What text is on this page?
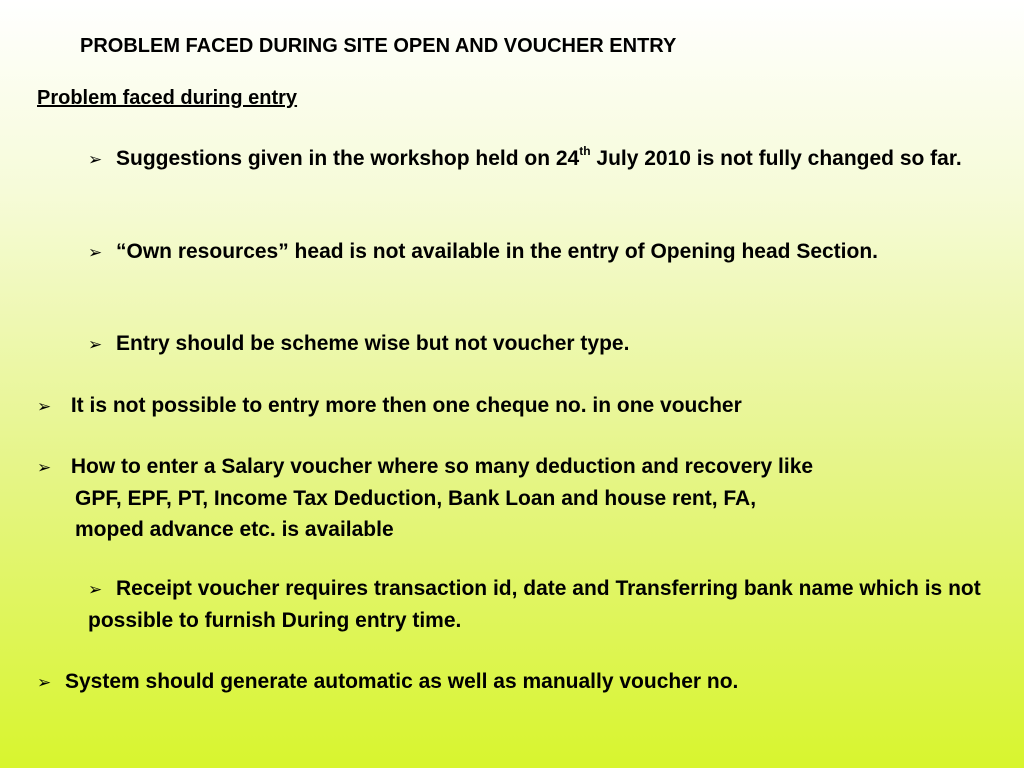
PROBLEM FACED DURING SITE OPEN AND VOUCHER ENTRY
Problem faced during entry
➢ Suggestions given in the workshop held on 24th July 2010 is not fully changed so far.
➢ “Own resources” head is not available in the entry of Opening head Section.
➢ Entry should be scheme wise but not voucher type.
➢ It is not possible to entry more then one cheque no. in one voucher
➢ How to enter a Salary voucher where so many deduction and recovery like
GPF, EPF, PT, Income Tax Deduction, Bank Loan and house rent, FA,
moped advance etc. is available
➢ Receipt voucher requires transaction id, date and Transferring bank name which is not possible to furnish During entry time.
➢ System should generate automatic as well as manually voucher no.
